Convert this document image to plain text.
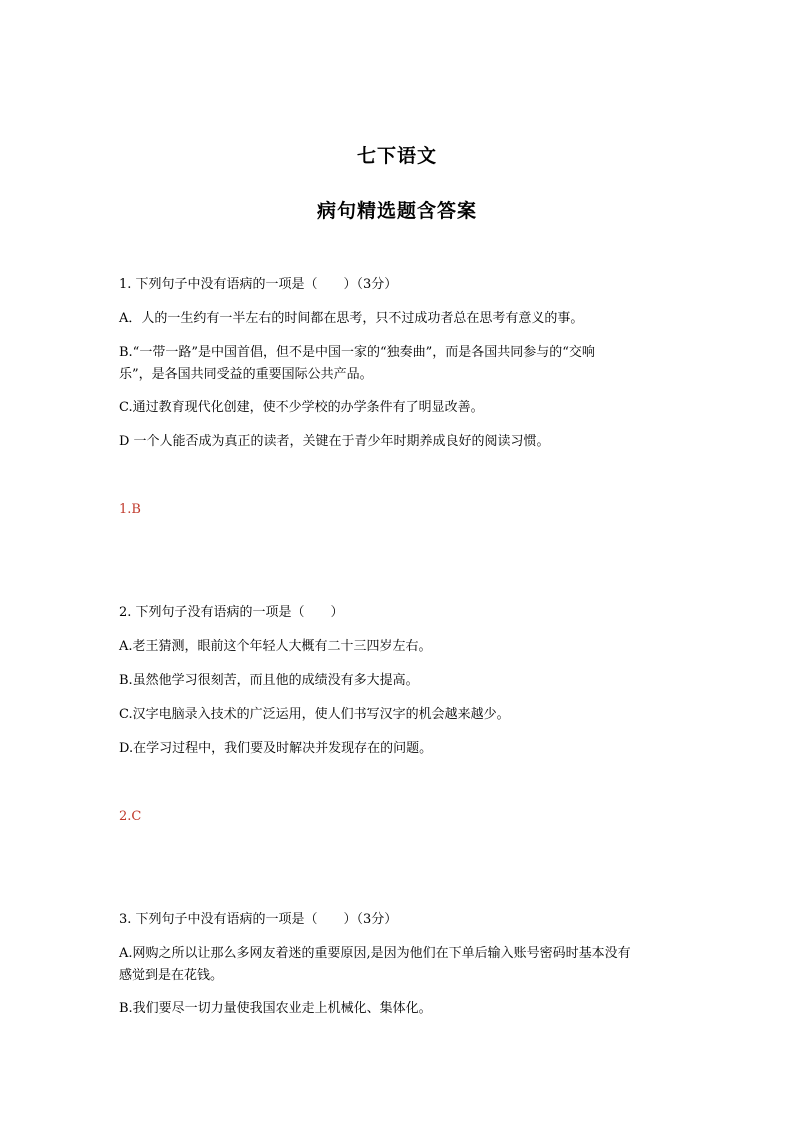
七下语文
病句精选题含答案
1. 下列句子中没有语病的一项是（　　）（3分）
A．人的一生约有一半左右的时间都在思考，只不过成功者总在思考有意义的事。
B.“一带一路”是中国首倡，但不是中国一家的“独奏曲”，而是各国共同参与的“交响
乐”，是各国共同受益的重要国际公共产品。
C.通过教育现代化创建，使不少学校的办学条件有了明显改善。
D 一个人能否成为真正的读者，关键在于青少年时期养成良好的阅读习惯。
1.B
2. 下列句子没有语病的一项是（　　）
A.老王猜测，眼前这个年轻人大概有二十三四岁左右。
B.虽然他学习很刻苦，而且他的成绩没有多大提高。
C.汉字电脑录入技术的广泛运用，使人们书写汉字的机会越来越少。
D.在学习过程中，我们要及时解决并发现存在的问题。
2.C
3. 下列句子中没有语病的一项是（　　）（3分）
A.网购之所以让那么多网友着迷的重要原因,是因为他们在下单后输入账号密码时基本没有
感觉到是在花钱。
B.我们要尽一切力量使我国农业走上机械化、集体化。
